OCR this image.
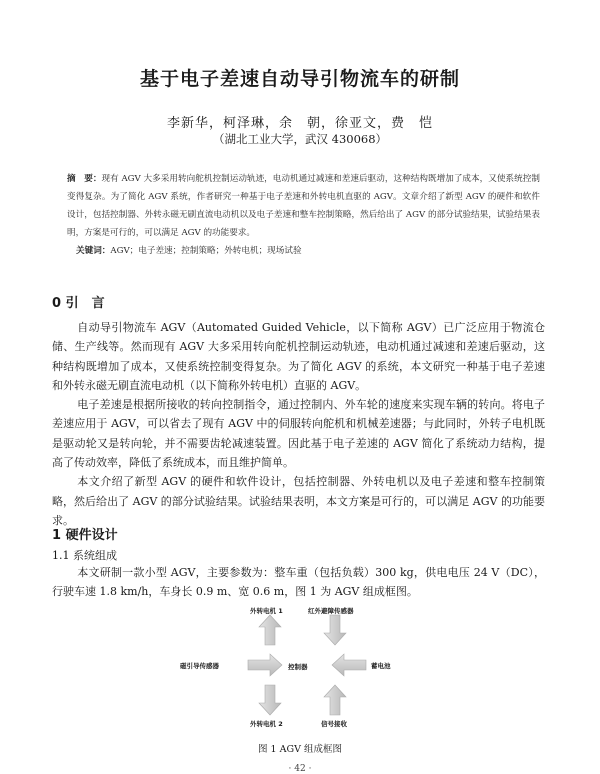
基于电子差速自动导引物流车的研制
李新华，柯泽琳，余　朝，徐亚文，费　恺
（湖北工业大学，武汉 430068）
摘　要：现有 AGV 大多采用转向舵机控制运动轨迹，电动机通过减速和差速后驱动，这种结构既增加了成本，又使系统控制变得复杂。为了简化 AGV 系统，作者研究一种基于电子差速和外转电机直驱的 AGV。文章介绍了新型 AGV 的硬件和软件设计，包括控制器、外转永磁无刷直流电动机以及电子差速和整车控制策略，然后给出了 AGV 的部分试验结果，试验结果表明，方案是可行的，可以满足 AGV 的功能要求。
关键词：AGV；电子差速；控制策略；外转电机；现场试验
0 引　言

自动导引物流车 AGV（Automated Guided Vehicle，以下简称 AGV）已广泛应用于物流仓储、生产线等。然而现有 AGV 大多采用转向舵机控制运动轨迹，电动机通过减速和差速后驱动，这种结构既增加了成本，又使系统控制变得复杂。为了简化 AGV 的系统，本文研究一种基于电子差速和外转永磁无刷直流电动机（以下简称外转电机）直驱的 AGV。

电子差速是根据所接收的转向控制指令，通过控制内、外车轮的速度来实现车辆的转向。将电子差速应用于 AGV，可以省去了现有 AGV 中的伺服转向舵机和机械差速器；与此同时，外转子电机既是驱动轮又是转向轮，并不需要齿轮减速装置。因此基于电子差速的 AGV 简化了系统动力结构，提高了传动效率，降低了系统成本，而且维护简单。

本文介绍了新型 AGV 的硬件和软件设计，包括控制器、外转电机以及电子差速和整车控制策略，然后给出了 AGV 的部分试验结果。试验结果表明，本文方案是可行的，可以满足 AGV 的功能要求。

1 硬件设计
1.1 系统组成

本文研制一款小型 AGV，主要参数为：整车重（包括负载）300 kg，供电电压 24 V（DC），行驶车速 1.8 km/h，车身长 0.9 m、宽 0.6 m，图 1 为 AGV 组成框图。

外转电机 1	红外避障传感器
磁引导传感器	控制器	蓄电池
外转电机 2	信号接收
图 1 AGV 组成框图
· 42 ·
